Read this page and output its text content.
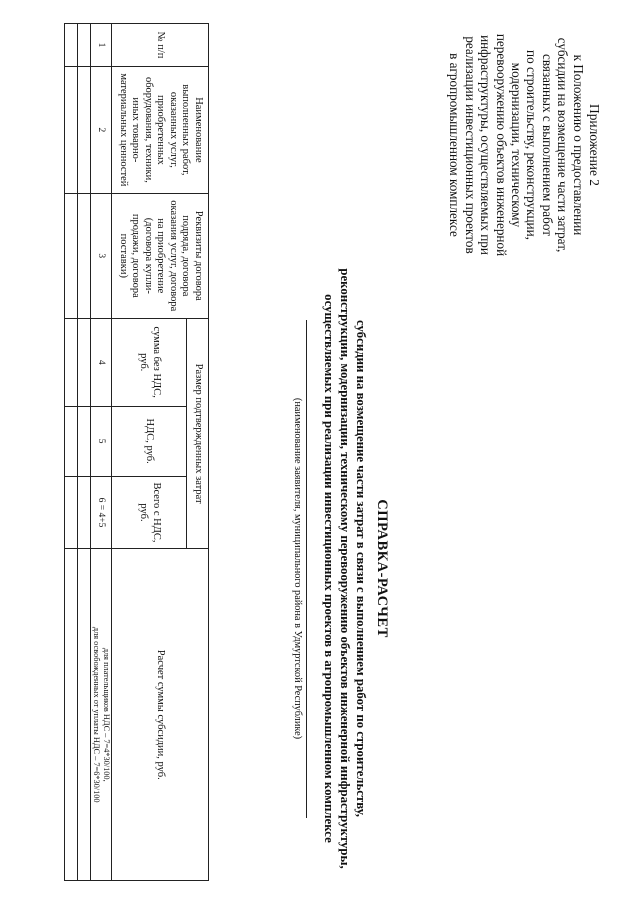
Приложение 2
к Положению о предоставлении
субсидии на возмещение части затрат,
связанных с выполнением работ
по строительству, реконструкции,
модернизации, техническому
перевооружению объектов инженерной
инфраструктуры, осуществляемых при
реализации инвестиционных проектов
в агропромышленном комплексе
СПРАВКА-РАСЧЕТ
субсидии на возмещение части затрат в связи с выполнением работ по строительству,
реконструкции, модернизации, техническому перевооружению объектов инженерной инфраструктуры,
осуществляемых при реализации инвестиционных проектов в агропромышленном комплексе
(наименование заявителя, муниципального района в Удмуртской Республике)
№ п/п	Наименование выполненных работ, оказанных услуг, приобретенных оборудования, техники, иных товарно-материальных ценностей	Реквизиты договора подряда, договора оказания услуг, договора на приобретение (договора купли-продажи, договора поставки)	Размер подтвержденных затрат			Расчет суммы субсидии, руб.
			сумма без НДС, руб.	НДС, руб.	Всего с НДС, руб.	
1	2	3	4	5	6 = 4+5	для плательщиков НДС – 7=4*30/100,
для освобожденных от уплаты НДС – 7=6*30/100
